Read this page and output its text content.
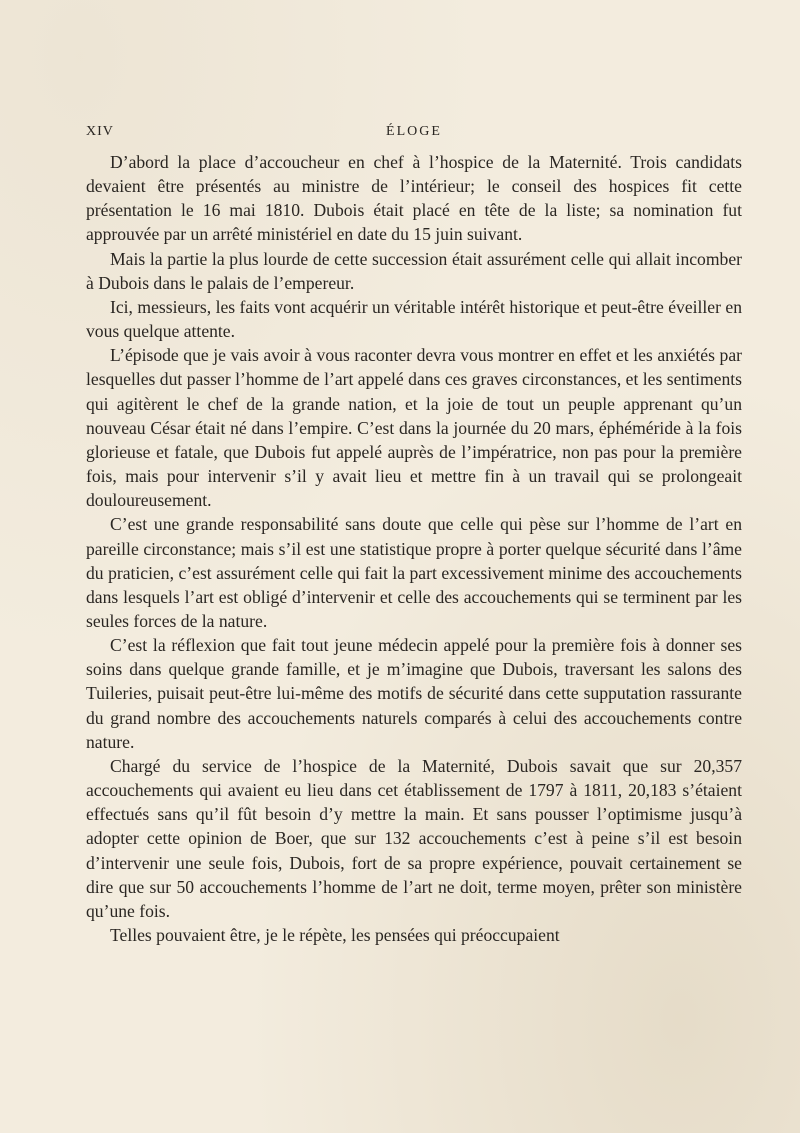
XIV	ÉLOGE

D’abord la place d’accoucheur en chef à l’hospice de la Maternité. Trois candidats devaient être présentés au ministre de l’intérieur; le conseil des hospices fit cette présentation le 16 mai 1810. Dubois était placé en tête de la liste; sa nomination fut approuvée par un arrêté ministériel en date du 15 juin suivant.

Mais la partie la plus lourde de cette succession était assurément celle qui allait incomber à Dubois dans le palais de l’empereur.

Ici, messieurs, les faits vont acquérir un véritable intérêt historique et peut-être éveiller en vous quelque attente.

L’épisode que je vais avoir à vous raconter devra vous montrer en effet et les anxiétés par lesquelles dut passer l’homme de l’art appelé dans ces graves circonstances, et les sentiments qui agitèrent le chef de la grande nation, et la joie de tout un peuple apprenant qu’un nouveau César était né dans l’empire. C’est dans la journée du 20 mars, éphéméride à la fois glorieuse et fatale, que Dubois fut appelé auprès de l’impératrice, non pas pour la première fois, mais pour intervenir s’il y avait lieu et mettre fin à un travail qui se prolongeait douloureusement.

C’est une grande responsabilité sans doute que celle qui pèse sur l’homme de l’art en pareille circonstance; mais s’il est une statistique propre à porter quelque sécurité dans l’âme du praticien, c’est assurément celle qui fait la part excessivement minime des accouchements dans lesquels l’art est obligé d’intervenir et celle des accouchements qui se terminent par les seules forces de la nature.

C’est la réflexion que fait tout jeune médecin appelé pour la première fois à donner ses soins dans quelque grande famille, et je m’imagine que Dubois, traversant les salons des Tuileries, puisait peut-être lui-même des motifs de sécurité dans cette supputation rassurante du grand nombre des accouchements naturels comparés à celui des accouchements contre nature.

Chargé du service de l’hospice de la Maternité, Dubois savait que sur 20,357 accouchements qui avaient eu lieu dans cet établissement de 1797 à 1811, 20,183 s’étaient effectués sans qu’il fût besoin d’y mettre la main. Et sans pousser l’optimisme jusqu’à adopter cette opinion de Boer, que sur 132 accouchements c’est à peine s’il est besoin d’intervenir une seule fois, Dubois, fort de sa propre expérience, pouvait certainement se dire que sur 50 accouchements l’homme de l’art ne doit, terme moyen, prêter son ministère qu’une fois.

Telles pouvaient être, je le répète, les pensées qui préoccupaient
